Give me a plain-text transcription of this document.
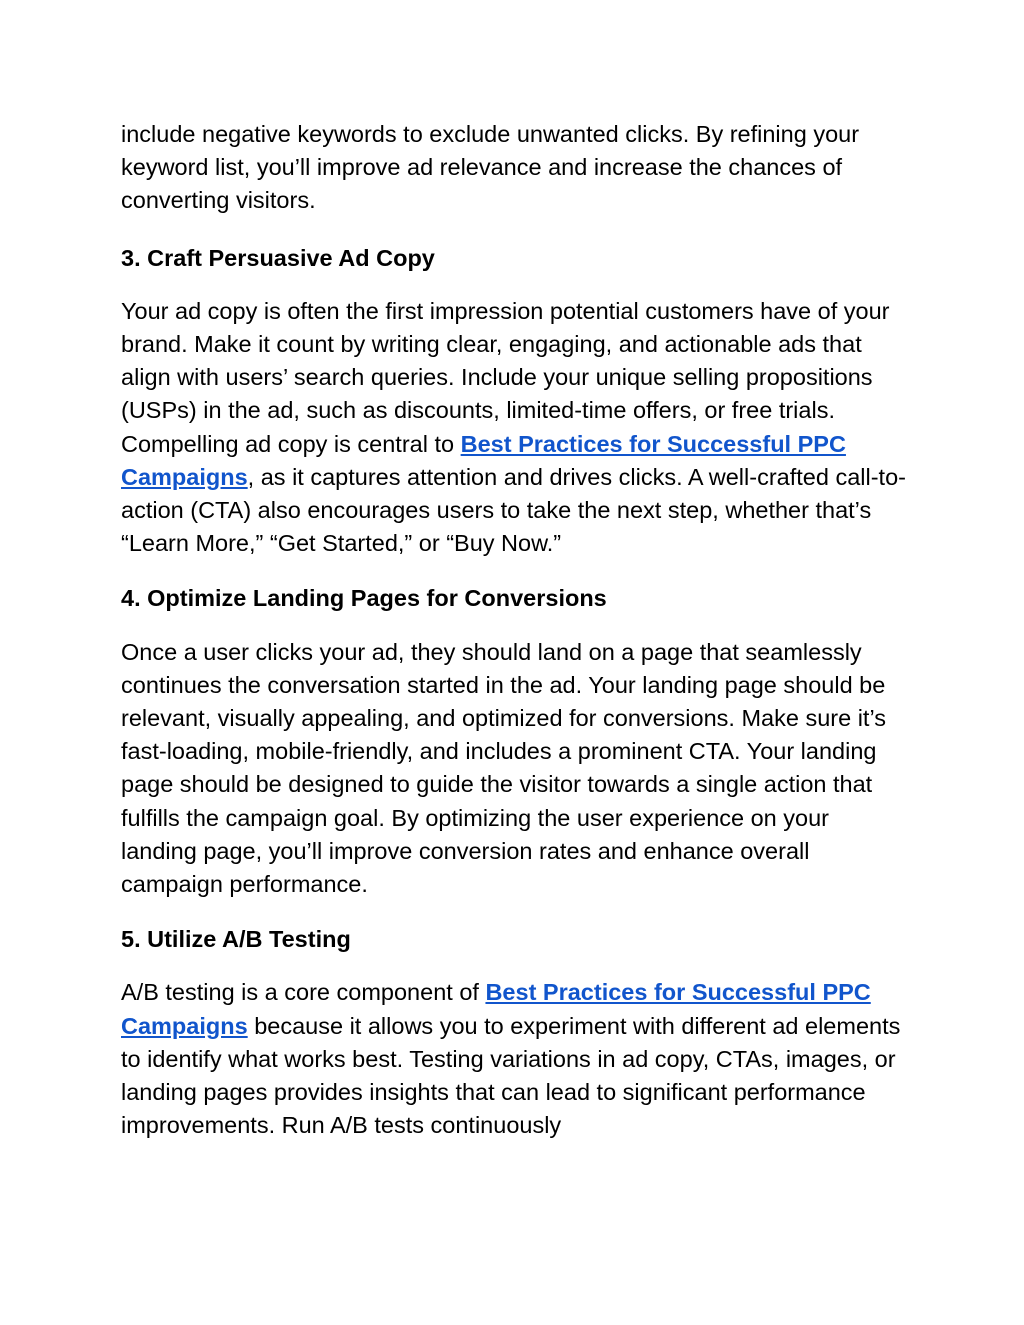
include negative keywords to exclude unwanted clicks. By refining your keyword list, you’ll improve ad relevance and increase the chances of converting visitors.

3. Craft Persuasive Ad Copy

Your ad copy is often the first impression potential customers have of your brand. Make it count by writing clear, engaging, and actionable ads that align with users’ search queries. Include your unique selling propositions (USPs) in the ad, such as discounts, limited-time offers, or free trials. Compelling ad copy is central to Best Practices for Successful PPC Campaigns, as it captures attention and drives clicks. A well-crafted call-to-action (CTA) also encourages users to take the next step, whether that’s “Learn More,” “Get Started,” or “Buy Now.”

4. Optimize Landing Pages for Conversions

Once a user clicks your ad, they should land on a page that seamlessly continues the conversation started in the ad. Your landing page should be relevant, visually appealing, and optimized for conversions. Make sure it’s fast-loading, mobile-friendly, and includes a prominent CTA. Your landing page should be designed to guide the visitor towards a single action that fulfills the campaign goal. By optimizing the user experience on your landing page, you’ll improve conversion rates and enhance overall campaign performance.

5. Utilize A/B Testing

A/B testing is a core component of Best Practices for Successful PPC Campaigns because it allows you to experiment with different ad elements to identify what works best. Testing variations in ad copy, CTAs, images, or landing pages provides insights that can lead to significant performance improvements. Run A/B tests continuously
